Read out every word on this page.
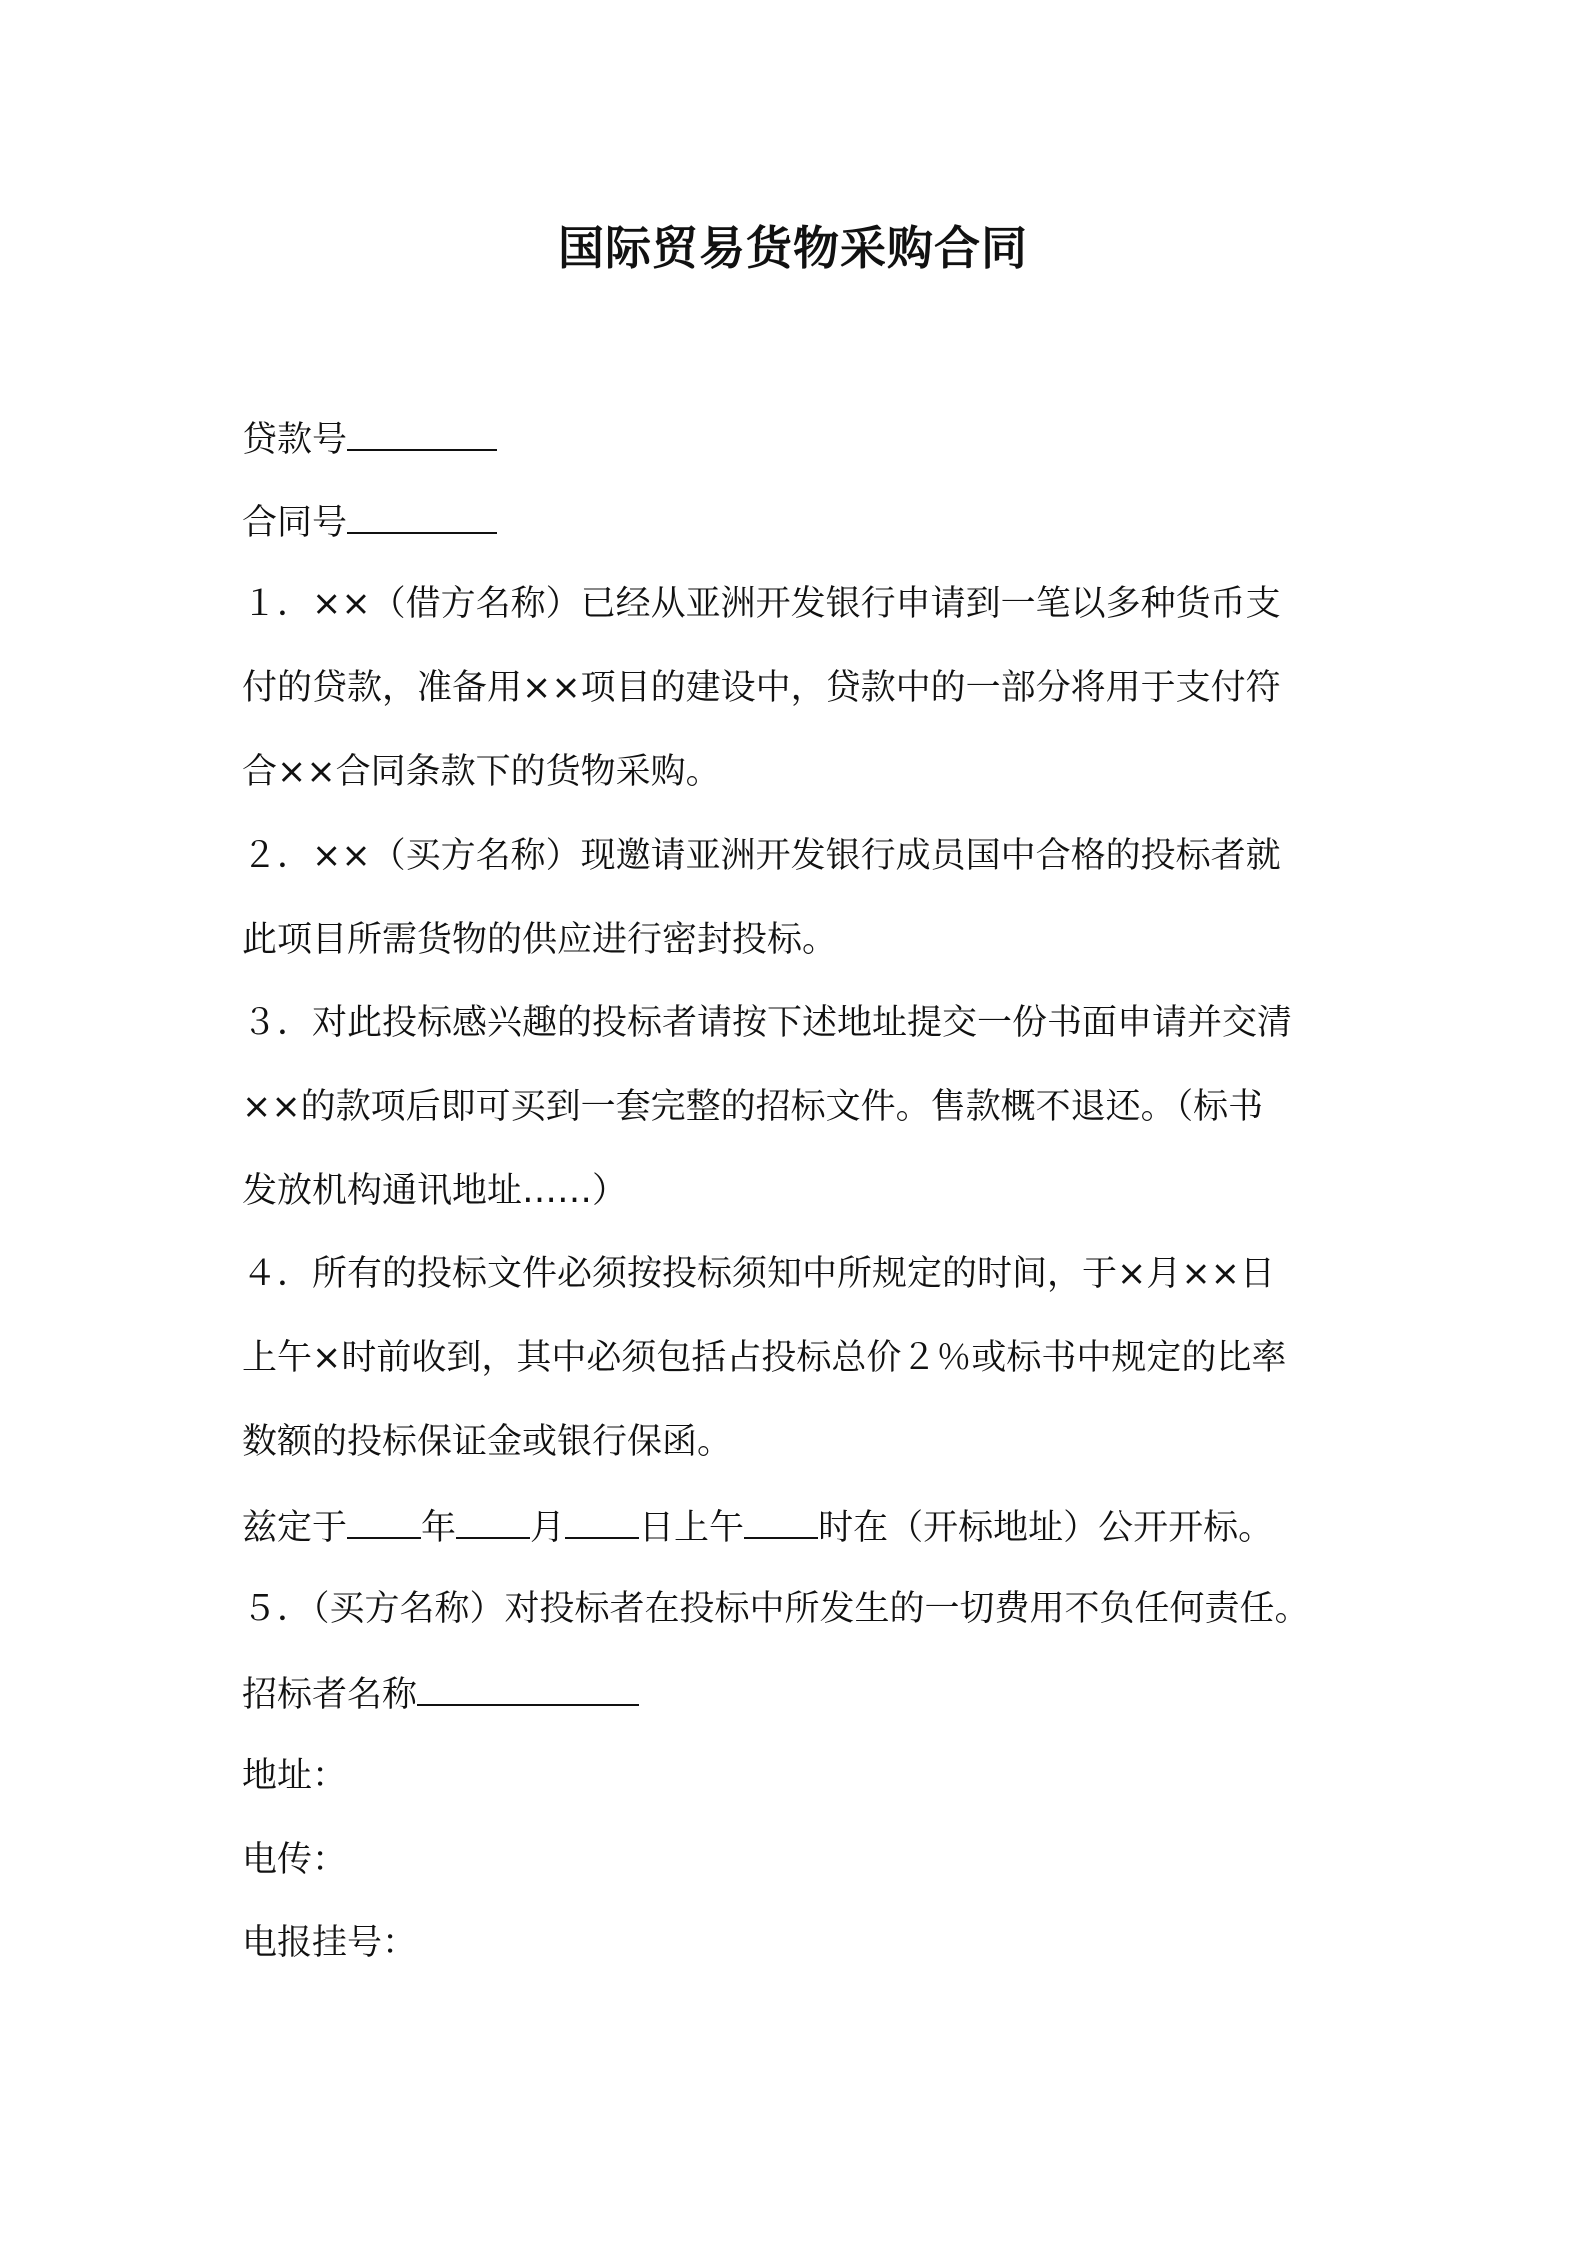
国际贸易货物采购合同
贷款号
合同号
１．××（借方名称）已经从亚洲开发银行申请到一笔以多种货币支
付的贷款，准备用××项目的建设中，贷款中的一部分将用于支付符
合××合同条款下的货物采购。
２．××（买方名称）现邀请亚洲开发银行成员国中合格的投标者就
此项目所需货物的供应进行密封投标。
３．对此投标感兴趣的投标者请按下述地址提交一份书面申请并交清
××的款项后即可买到一套完整的招标文件。售款概不退还。（标书
发放机构通讯地址……）
４．所有的投标文件必须按投标须知中所规定的时间，于×月××日
上午×时前收到，其中必须包括占投标总价２％或标书中规定的比率
数额的投标保证金或银行保函。
兹定于 年 月 日上午 时在（开标地址）公开开标。
５．（买方名称）对投标者在投标中所发生的一切费用不负任何责任。
招标者名称
地址：
电传：
电报挂号：
